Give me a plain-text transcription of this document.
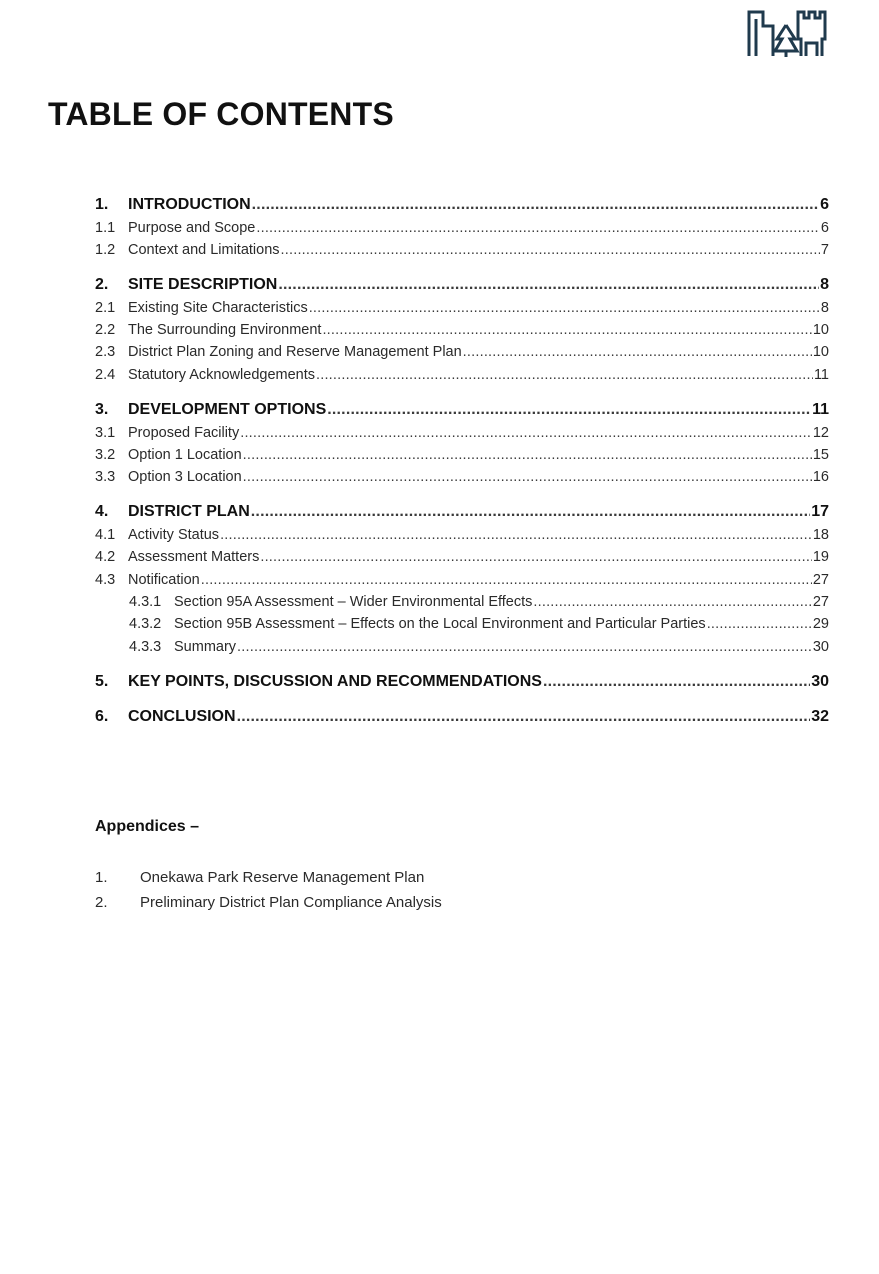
TABLE OF CONTENTS
1.	INTRODUCTION .....	6
1.1 Purpose and Scope .....	6
1.2 Context and Limitations .....	7
2.	SITE DESCRIPTION .....	8
2.1 Existing Site Characteristics .....	8
2.2 The Surrounding Environment .....	10
2.3 District Plan Zoning and Reserve Management Plan .....	10
2.4 Statutory Acknowledgements .....	11
3.	DEVELOPMENT OPTIONS .....	11
3.1 Proposed Facility .....	12
3.2 Option 1 Location .....	15
3.3 Option 3 Location .....	16
4.	DISTRICT PLAN .....	17
4.1 Activity Status .....	18
4.2 Assessment Matters .....	19
4.3 Notification .....	27
4.3.1 Section 95A Assessment – Wider Environmental Effects .....	27
4.3.2 Section 95B Assessment – Effects on the Local Environment and Particular Parties .....	29
4.3.3 Summary .....	30
5.	KEY POINTS, DISCUSSION AND RECOMMENDATIONS .....	30
6.	CONCLUSION .....	32
Appendices –
1.	Onekawa Park Reserve Management Plan
2.	Preliminary District Plan Compliance Analysis
